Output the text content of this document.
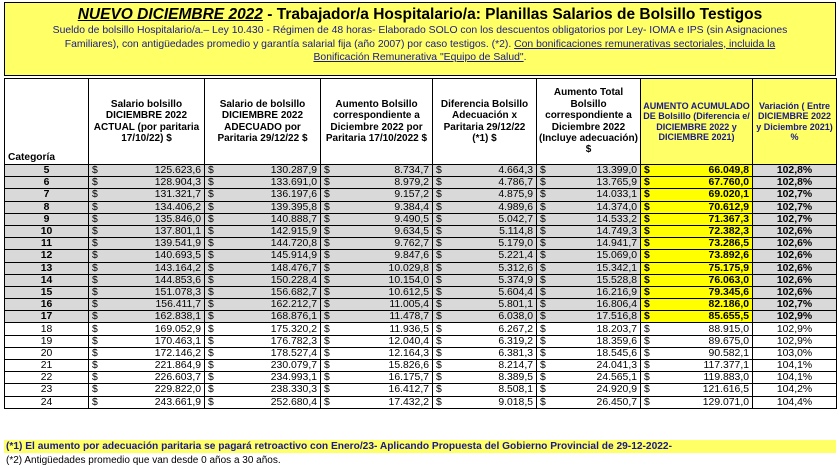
NUEVO DICIEMBRE 2022 - Trabajador/a Hospitalario/a: Planillas Salarios de Bolsillo Testigos
Sueldo de bolsillo Hospitalario/a.– Ley 10.430 - Régimen de 48 horas- Elaborado SOLO con los descuentos obligatorios por Ley- IOMA e IPS (sin Asignaciones
Familiares), con antigüedades promedio y garantía salarial fija (año 2007) por caso testigos. (*2). Con bonificaciones remunerativas sectoriales, incluida la
Bonificación Remunerativa "Equipo de Salud".
Categoría	Salario bolsillo DICIEMBRE 2022 ACTUAL (por paritaria 17/10/22) $	Salario de bolsillo DICIEMBRE 2022 ADECUADO por Paritaria 29/12/22 $	Aumento Bolsillo correspondiente a Diciembre 2022 por Paritaria 17/10/2022 $	Diferencia Bolsillo Adecuación x Paritaria 29/12/22 (*1) $	Aumento Total Bolsillo correspondiente a Diciembre 2022 (Incluye adecuación) $	AUMENTO ACUMULADO DE Bolsillo (Diferencia e/ DICIEMBRE 2022 y DICIEMBRE 2021)	Variación ( Entre DICIEMBRE 2022 y Diciembre 2021) %
5	$ 125.623,6	$ 130.287,9	$ 8.734,7	$ 4.664,3	$ 13.399,0	$ 66.049,8	102,8%
6	$ 128.904,3	$ 133.691,0	$ 8.979,2	$ 4.786,7	$ 13.765,9	$ 67.760,0	102,8%
7	$ 131.321,7	$ 136.197,6	$ 9.157,2	$ 4.875,9	$ 14.033,1	$ 69.020,1	102,7%
8	$ 134.406,2	$ 139.395,8	$ 9.384,4	$ 4.989,6	$ 14.374,0	$ 70.612,9	102,7%
9	$ 135.846,0	$ 140.888,7	$ 9.490,5	$ 5.042,7	$ 14.533,2	$ 71.367,3	102,7%
10	$ 137.801,1	$ 142.915,9	$ 9.634,5	$ 5.114,8	$ 14.749,3	$ 72.382,3	102,6%
11	$ 139.541,9	$ 144.720,8	$ 9.762,7	$ 5.179,0	$ 14.941,7	$ 73.286,5	102,6%
12	$ 140.693,5	$ 145.914,9	$ 9.847,6	$ 5.221,4	$ 15.069,0	$ 73.892,6	102,6%
13	$ 143.164,2	$ 148.476,7	$ 10.029,8	$ 5.312,6	$ 15.342,1	$ 75.175,9	102,6%
14	$ 144.853,6	$ 150.228,4	$ 10.154,0	$ 5.374,9	$ 15.528,8	$ 76.063,0	102,6%
15	$ 151.078,3	$ 156.682,7	$ 10.612,5	$ 5.604,4	$ 16.216,9	$ 79.345,6	102,6%
16	$ 156.411,7	$ 162.212,7	$ 11.005,4	$ 5.801,1	$ 16.806,4	$ 82.186,0	102,7%
17	$ 162.838,1	$ 168.876,1	$ 11.478,7	$ 6.038,0	$ 17.516,8	$ 85.655,5	102,9%
18	$ 169.052,9	$ 175.320,2	$ 11.936,5	$ 6.267,2	$ 18.203,7	$ 88.915,0	102,9%
19	$ 170.463,1	$ 176.782,3	$ 12.040,4	$ 6.319,2	$ 18.359,6	$ 89.675,0	102,9%
20	$ 172.146,2	$ 178.527,4	$ 12.164,3	$ 6.381,3	$ 18.545,6	$ 90.582,1	103,0%
21	$ 221.864,9	$ 230.079,7	$ 15.826,6	$ 8.214,7	$ 24.041,3	$ 117.377,1	104,1%
22	$ 226.603,7	$ 234.993,1	$ 16.175,7	$ 8.389,5	$ 24.565,1	$ 119.883,0	104,1%
23	$ 229.822,0	$ 238.330,3	$ 16.412,7	$ 8.508,1	$ 24.920,9	$ 121.616,5	104,2%
24	$ 243.661,9	$ 252.680,4	$ 17.432,2	$ 9.018,5	$ 26.450,7	$ 129.071,0	104,4%
(*1) El aumento por adecuación paritaria se pagará retroactivo con Enero/23- Aplicando Propuesta del Gobierno Provincial de 29-12-2022-
(*2) Antigüedades promedio que van desde 0 años a 30 años.
